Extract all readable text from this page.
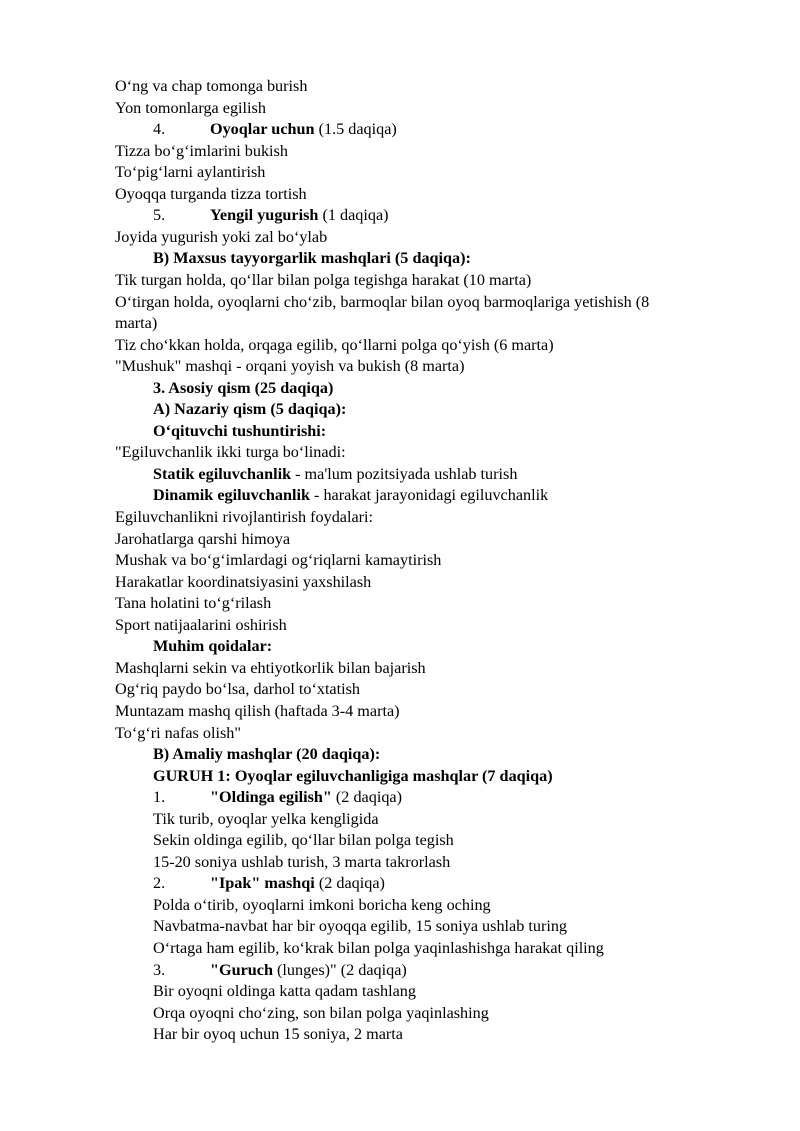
O‘ng va chap tomonga burish
Yon tomonlarga egilish
4.	Oyoqlar uchun (1.5 daqiqa)
Tizza bo‘g‘imlarini bukish
To‘pig‘larni aylantirish
Oyoqqa turganda tizza tortish
5.	Yengil yugurish (1 daqiqa)
Joyida yugurish yoki zal bo‘ylab
B) Maxsus tayyorgarlik mashqlari (5 daqiqa):
Tik turgan holda, qo‘llar bilan polga tegishga harakat (10 marta)
O‘tirgan holda, oyoqlarni cho‘zib, barmoqlar bilan oyoq barmoqlariga yetishish (8
marta)
Tiz cho‘kkan holda, orqaga egilib, qo‘llarni polga qo‘yish (6 marta)
"Mushuk" mashqi - orqani yoyish va bukish (8 marta)
3. Asosiy qism (25 daqiqa)
A) Nazariy qism (5 daqiqa):
O‘qituvchi tushuntirishi:
"Egiluvchanlik ikki turga bo‘linadi:
Statik egiluvchanlik - ma'lum pozitsiyada ushlab turish
Dinamik egiluvchanlik - harakat jarayonidagi egiluvchanlik
Egiluvchanlikni rivojlantirish foydalari:
Jarohatlarga qarshi himoya
Mushak va bo‘g‘imlardagi og‘riqlarni kamaytirish
Harakatlar koordinatsiyasini yaxshilash
Tana holatini to‘g‘rilash
Sport natijaalarini oshirish
Muhim qoidalar:
Mashqlarni sekin va ehtiyotkorlik bilan bajarish
Og‘riq paydo bo‘lsa, darhol to‘xtatish
Muntazam mashq qilish (haftada 3-4 marta)
To‘g‘ri nafas olish"
B) Amaliy mashqlar (20 daqiqa):
GURUH 1: Oyoqlar egiluvchanligiga mashqlar (7 daqiqa)
1.	"Oldinga egilish" (2 daqiqa)
Tik turib, oyoqlar yelka kengligida
Sekin oldinga egilib, qo‘llar bilan polga tegish
15-20 soniya ushlab turish, 3 marta takrorlash
2.	"Ipak" mashqi (2 daqiqa)
Polda o‘tirib, oyoqlarni imkoni boricha keng oching
Navbatma-navbat har bir oyoqqa egilib, 15 soniya ushlab turing
O‘rtaga ham egilib, ko‘krak bilan polga yaqinlashishga harakat qiling
3.	"Guruch (lunges)" (2 daqiqa)
Bir oyoqni oldinga katta qadam tashlang
Orqa oyoqni cho‘zing, son bilan polga yaqinlashing
Har bir oyoq uchun 15 soniya, 2 marta
